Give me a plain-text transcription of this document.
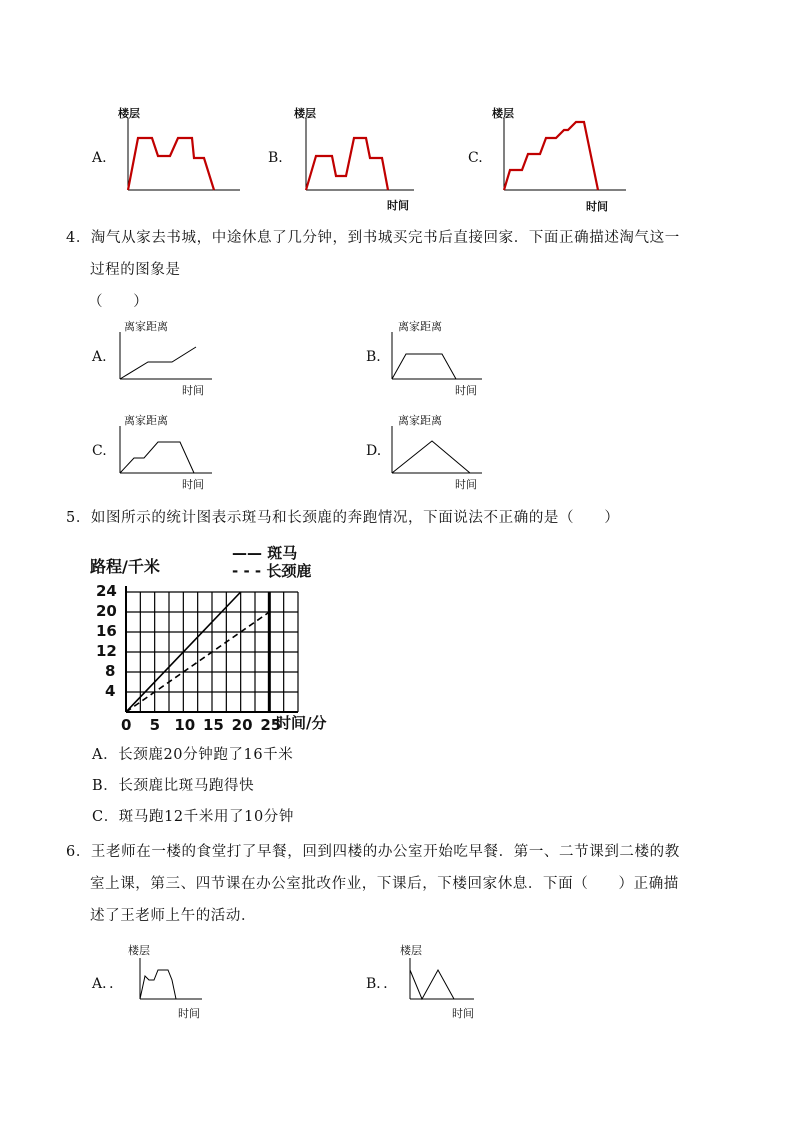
A.
楼层
B.
楼层
时间
C.
楼层
时间
4．淘气从家去书城，中途休息了几分钟，到书城买完书后直接回家．下面正确描述淘气这一
过程的图象是
（　　）
A.
离家距离
时间
B.
离家距离
时间
C.
离家距离
时间
D.
离家距离
时间
5．如图所示的统计图表示斑马和长颈鹿的奔跑情况，下面说法不正确的是（　　）
路程/千米
—— 斑马
- - - 长颈鹿
24
20
16
12
8
4
0 5 10 15 20 25
时间/分
A．长颈鹿20分钟跑了16千米
B．长颈鹿比斑马跑得快
C．斑马跑12千米用了10分钟
6．王老师在一楼的食堂打了早餐，回到四楼的办公室开始吃早餐．第一、二节课到二楼的教
室上课，第三、四节课在办公室批改作业，下课后，下楼回家休息．下面（　　）正确描
述了王老师上午的活动．
A．．
楼层
时间
B．．
楼层
时间
